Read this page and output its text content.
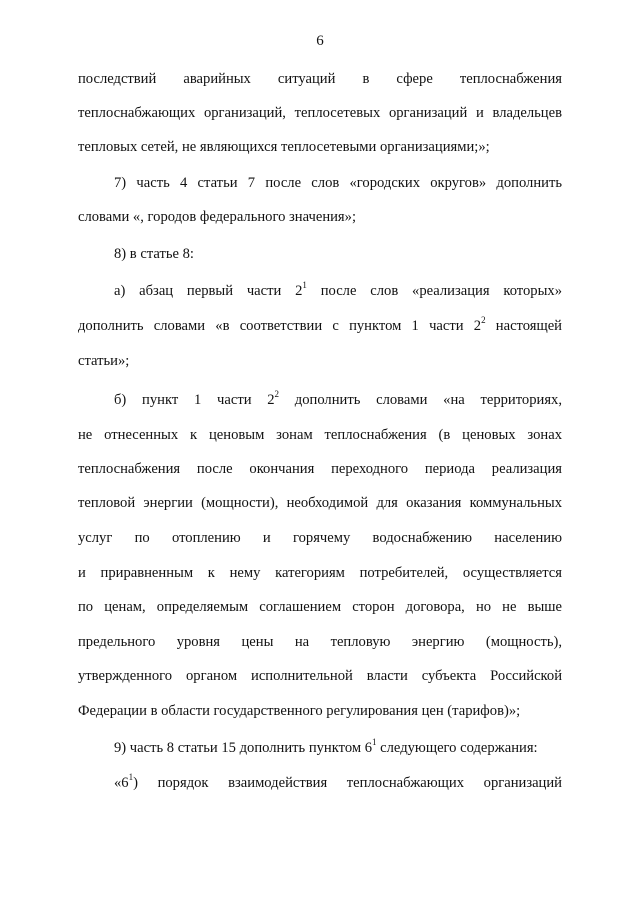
6
последствий аварийных ситуаций в сфере теплоснабжения
теплоснабжающих организаций, теплосетевых организаций и владельцев
тепловых сетей, не являющихся теплосетевыми организациями;»;
7) часть 4 статьи 7 после слов «городских округов» дополнить
словами «, городов федерального значения»;
8) в статье 8:
а) абзац первый части $2^1$ после слов «реализация которых»
дополнить словами «в соответствии с пунктом 1 части $2^2$ настоящей
статьи»;
б) пункт 1 части $2^2$ дополнить словами «на территориях,
не отнесенных к ценовым зонам теплоснабжения (в ценовых зонах
теплоснабжения после окончания переходного периода реализация
тепловой энергии (мощности), необходимой для оказания коммунальных
услуг по отоплению и горячему водоснабжению населению
и приравненным к нему категориям потребителей, осуществляется
по ценам, определяемым соглашением сторон договора, но не выше
предельного уровня цены на тепловую энергию (мощность),
утвержденного органом исполнительной власти субъекта Российской
Федерации в области государственного регулирования цен (тарифов)»;
9) часть 8 статьи 15 дополнить пунктом $6^1$ следующего содержания:
«$6^1$) порядок взаимодействия теплоснабжающих организаций
